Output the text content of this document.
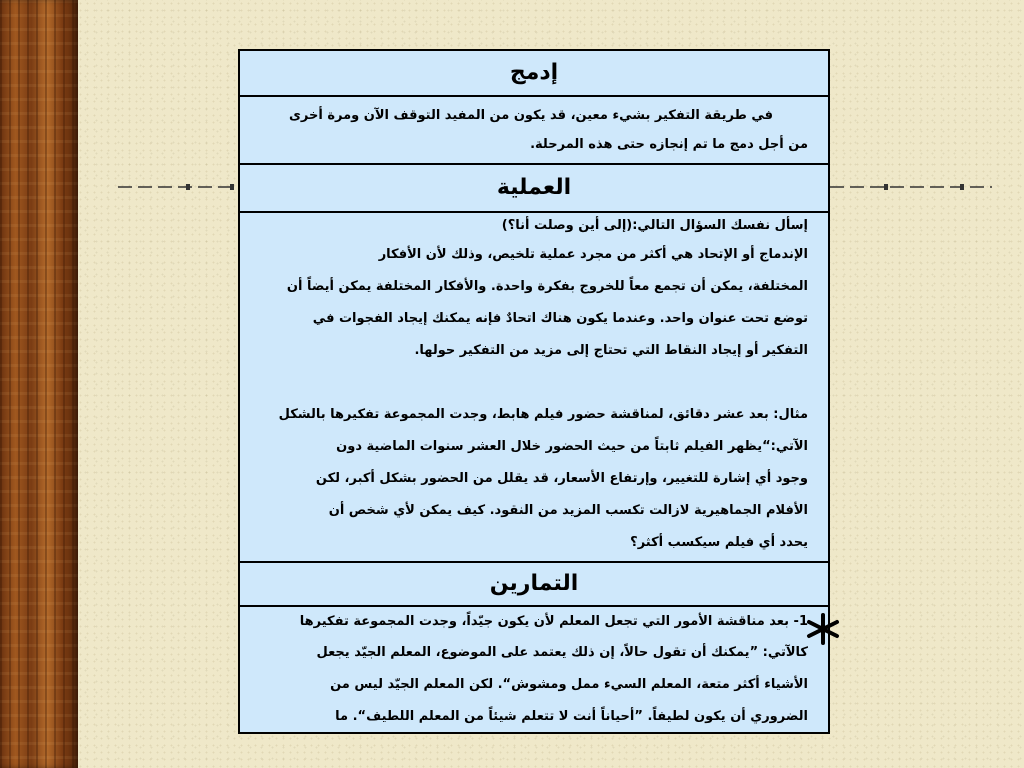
إدمج

في طريقة التفكير بشيء معين، قد يكون من المفيد التوقف الآن ومرة أخرى

من أجل دمج ما تم إنجازه حتى هذه المرحلة.

العملية

إسأل نفسك السؤال التالي:(إلى أين وصلت أنا؟)

الإندماج أو الإتحاد هي أكثر من مجرد عملية تلخيص، وذلك لأن الأفكار

المختلفة، يمكن أن تجمع معاً للخروج بفكرة واحدة. والأفكار المختلفة يمكن أيضاً أن

توضع تحت عنوان واحد. وعندما يكون هناك اتحادٌ فإنه يمكنك إيجاد الفجوات في

التفكير أو إيجاد النقاط التي تحتاج إلى مزيد من التفكير حولها.

مثال: بعد عشر دقائق، لمناقشة حضور فيلم هابط، وجدت المجموعة تفكيرها بالشكل

الآتي:“يظهر الفيلم ثابتاً من حيث الحضور خلال العشر سنوات الماضية دون

وجود أي إشارة للتغيير، وإرتفاع الأسعار، قد يقلل من الحضور بشكل أكبر، لكن

الأفلام الجماهيرية لازالت تكسب المزيد من النقود. كيف يمكن لأي شخص أن

يحدد أي فيلم سيكسب أكثر؟

التمارين

1- بعد مناقشة الأمور التي تجعل المعلم لأن يكون جيّداً، وجدت المجموعة تفكيرها

كالآتي: ”يمكنك أن تقول حالاً، إن ذلك يعتمد على الموضوع، المعلم الجيّد يجعل

الأشياء أكثر متعة، المعلم السيء ممل ومشوش“. لكن المعلم الجيّد ليس من

الضروري أن يكون لطيفاً. ”أحياناً أنت لا تتعلم شيئاً من المعلم اللطيف“. ما
